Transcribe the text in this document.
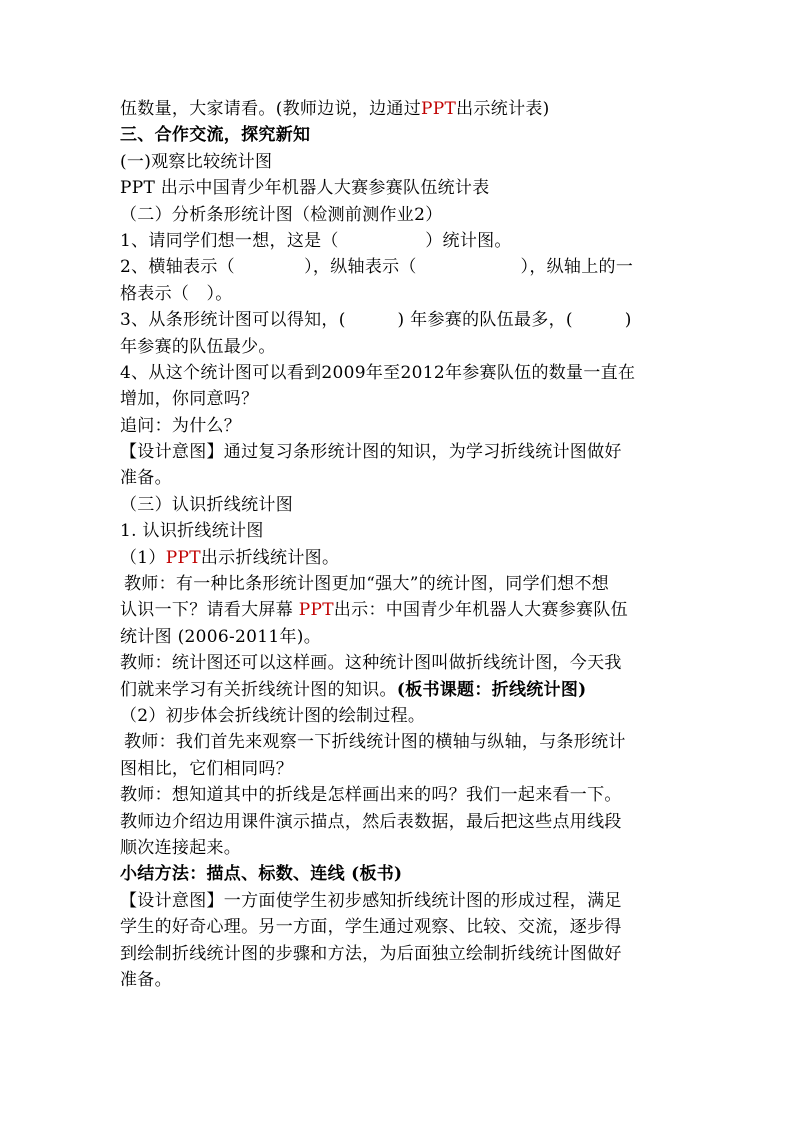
伍数量，大家请看。(教师边说，边通过PPT出示统计表)
三、合作交流，探究新知
(一)观察比较统计图
PPT 出示中国青少年机器人大赛参赛队伍统计表
（二）分析条形统计图（检测前测作业2）
1、请同学们想一想，这是（　　　　　）统计图。
2、横轴表示（　　　　），纵轴表示（　　　　　　），纵轴上的一
格表示（　）。
3、从条形统计图可以得知，(　　　) 年参赛的队伍最多，(　　　)
年参赛的队伍最少。
4、从这个统计图可以看到2009年至2012年参赛队伍的数量一直在
增加，你同意吗？
追问：为什么？
【设计意图】通过复习条形统计图的知识，为学习折线统计图做好
准备。
（三）认识折线统计图
1. 认识折线统计图
（1）PPT出示折线统计图。
教师：有一种比条形统计图更加“强大”的统计图，同学们想不想
认识一下？请看大屏幕 PPT出示：中国青少年机器人大赛参赛队伍
统计图 (2006-2011年)。
教师：统计图还可以这样画。这种统计图叫做折线统计图，今天我
们就来学习有关折线统计图的知识。(板书课题：折线统计图)
（2）初步体会折线统计图的绘制过程。
教师：我们首先来观察一下折线统计图的横轴与纵轴，与条形统计
图相比，它们相同吗？
教师：想知道其中的折线是怎样画出来的吗？我们一起来看一下。
教师边介绍边用课件演示描点，然后表数据，最后把这些点用线段
顺次连接起来。
小结方法：描点、标数、连线 (板书)
【设计意图】一方面使学生初步感知折线统计图的形成过程，满足
学生的好奇心理。另一方面，学生通过观察、比较、交流，逐步得
到绘制折线统计图的步骤和方法，为后面独立绘制折线统计图做好
准备。
